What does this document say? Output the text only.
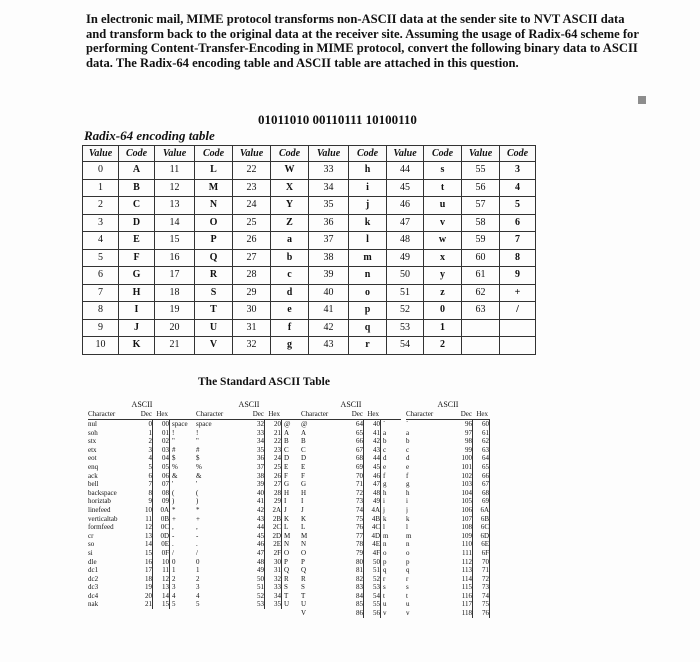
In electronic mail, MIME protocol transforms non-ASCII data at the sender site to NVT ASCII data and transform back to the original data at the receiver site. Assuming the usage of Radix-64 scheme for performing Content-Transfer-Encoding in MIME protocol, convert the following binary data to ASCII data. The Radix-64 encoding table and ASCII table are attached in this question.

01011010 00110111 10100110
Radix-64 encoding table
Value	Code	Value	Code	Value	Code	Value	Code	Value	Code	Value	Code
0	A	11	L	22	W	33	h	44	s	55	3
1	B	12	M	23	X	34	i	45	t	56	4
2	C	13	N	24	Y	35	j	46	u	57	5
3	D	14	O	25	Z	36	k	47	v	58	6
4	E	15	P	26	a	37	l	48	w	59	7
5	F	16	Q	27	b	38	m	49	x	60	8
6	G	17	R	28	c	39	n	50	y	61	9
7	H	18	S	29	d	40	o	51	z	62	+
8	I	19	T	30	e	41	p	52	0	63	/
9	J	20	U	31	f	42	q	53	1		
10	K	21	V	32	g	43	r	54	2		
The Standard ASCII Table
ASCII
Character	Dec Hex
nul	0 00 space
soh	1 01 !
stx	2 02 "
etx	3 03 #
eot	4 04 $
enq	5 05 %
ack	6 06 &
bell	7 07 '
backspace	8 08 (
horiztab	9 09 )
linefeed	10 0A *
verticaltab	11 0B +
formfeed	12 0C ,
cr	13 0D -
so	14 0E .
si	15 0F /
dle	16 10 0
dc1	17 11 1
dc2	18 12 2
dc3	19 13 3
dc4	20 14 4
nak	21 15 5
ASCII
Character	Dec Hex
space	32 20 @
!	33 21 A
"	34 22 B
#	35 23 C
$	36 24 D
%	37 25 E
&	38 26 F
'	39 27 G
(	40 28 H
)	41 29 I
*	42 2A J
+	43 2B K
,	44 2C L
-	45 2D M
.	46 2E N
/	47 2F O
0	48 30 P
1	49 31 Q
2	50 32 R
3	51 33 S
4	52 34 T
5	53 35 U
ASCII
Character	Dec Hex
@	64 40 `
A	65 41 a
B	66 42 b
C	67 43 c
D	68 44 d
E	69 45 e
F	70 46 f
G	71 47 g
H	72 48 h
I	73 49 i
J	74 4A j
K	75 4B k
L	76 4C l
M	77 4D m
N	78 4E n
O	79 4F o
P	80 50 p
Q	81 51 q
R	82 52 r
S	83 53 s
T	84 54 t
U	85 55 u
V	86 56 v
ASCII
Character	Dec Hex
`	96 60
a	97 61
b	98 62
c	99 63
d	100 64
e	101 65
f	102 66
g	103 67
h	104 68
i	105 69
j	106 6A
k	107 6B
l	108 6C
m	109 6D
n	110 6E
o	111 6F
p	112 70
q	113 71
r	114 72
s	115 73
t	116 74
u	117 75
v	118 76
